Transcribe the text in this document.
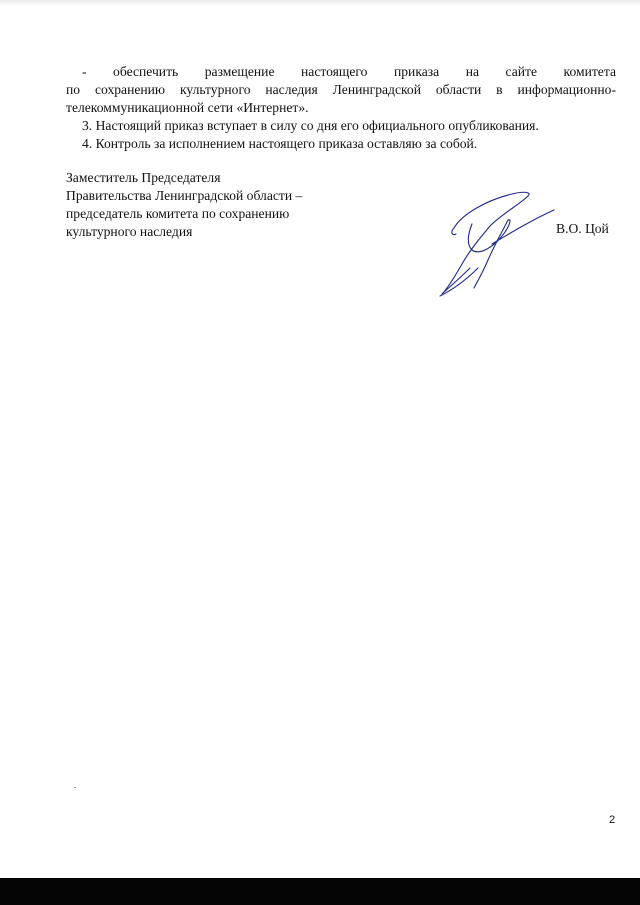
- обеспечить размещение настоящего приказа на сайте комитета
по сохранению культурного наследия Ленинградской области в информационно-
телекоммуникационной сети «Интернет».

3. Настоящий приказ вступает в силу со дня его официального опубликования.

4. Контроль за исполнением настоящего приказа оставляю за собой.

Заместитель Председателя
Правительства Ленинградской области –
председатель комитета по сохранению
культурного наследия	В.О. Цой
2
